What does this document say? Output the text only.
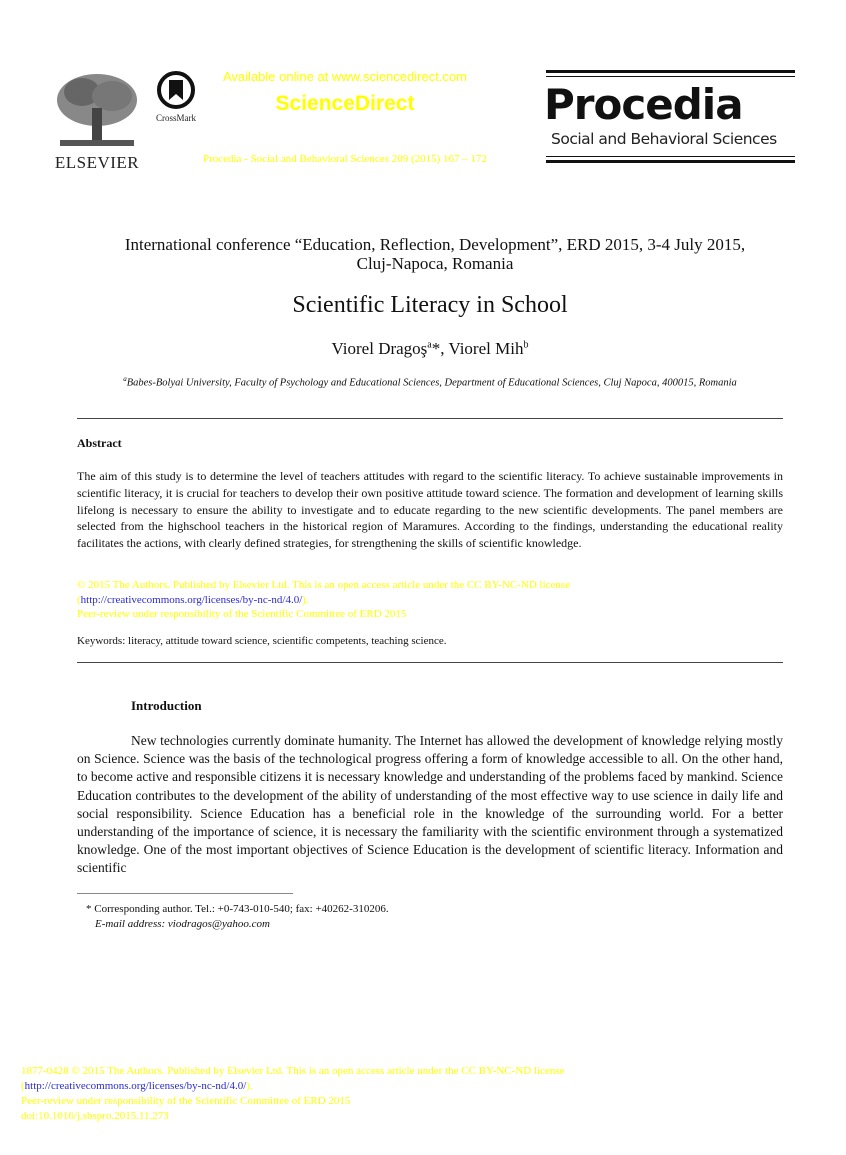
ELSEVIER
CrossMark
Available online at www.sciencedirect.com
ScienceDirect
Procedia - Social and Behavioral Sciences 209 (2015) 167 – 172
Procedia
Social and Behavioral Sciences
International conference “Education, Reflection, Development”, ERD 2015, 3-4 July 2015,
Cluj-Napoca, Romania
Scientific Literacy in School
Viorel Dragoş$^a$*, Viorel Mih$^b$
$^a$Babes-Bolyai University, Faculty of Psychology and Educational Sciences, Department of Educational Sciences, Cluj Napoca, 400015, Romania
Abstract
The aim of this study is to determine the level of teachers attitudes with regard to the scientific literacy. To achieve sustainable improvements in scientific literacy, it is crucial for teachers to develop their own positive attitude toward science. The formation and development of learning skills lifelong is necessary to ensure the ability to investigate and to educate regarding to the new scientific developments. The panel members are selected from the highschool teachers in the historical region of Maramures. According to the findings, understanding the educational reality facilitates the actions, with clearly defined strategies, for strengthening the skills of scientific knowledge.
© 2015 The Authors. Published by Elsevier Ltd. This is an open access article under the CC BY-NC-ND license
(http://creativecommons.org/licenses/by-nc-nd/4.0/).
Peer-review under responsibility of the Scientific Committee of ERD 2015
Keywords: literacy, attitude toward science, scientific competents, teaching science.
Introduction
New technologies currently dominate humanity. The Internet has allowed the development of knowledge relying mostly on Science. Science was the basis of the technological progress offering a form of knowledge accessible to all. On the other hand, to become active and responsible citizens it is necessary knowledge and understanding of the problems faced by mankind. Science Education contributes to the development of the ability of understanding of the most effective way to use science in daily life and social responsibility. Science Education has a beneficial role in the knowledge of the surrounding world. For a better understanding of the importance of science, it is necessary the familiarity with the scientific environment through a systematized knowledge. One of the most important objectives of Science Education is the development of scientific literacy. Information and scientific
* Corresponding author. Tel.: +0-743-010-540; fax: +40262-310206.
E-mail address: viodragos@yahoo.com
1877-0428 © 2015 The Authors. Published by Elsevier Ltd. This is an open access article under the CC BY-NC-ND license
(http://creativecommons.org/licenses/by-nc-nd/4.0/).
Peer-review under responsibility of the Scientific Committee of ERD 2015
doi:10.1016/j.sbspro.2015.11.273
